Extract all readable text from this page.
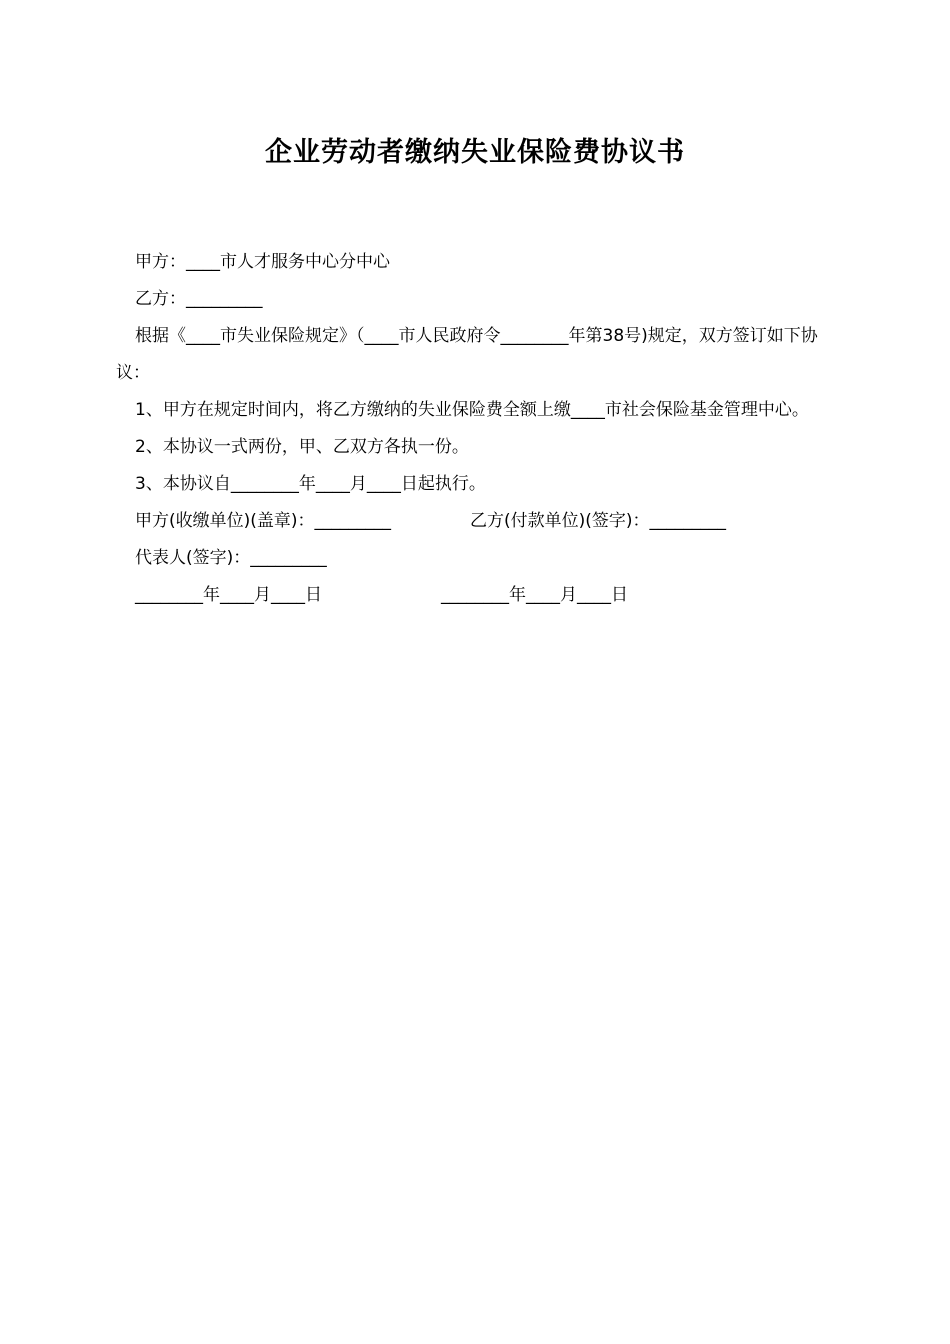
企业劳动者缴纳失业保险费协议书

甲方：____市人才服务中心分中心

乙方：_________

根据《____市失业保险规定》（____市人民政府令________年第38号)规定，双方签订如下协议：

1、甲方在规定时间内，将乙方缴纳的失业保险费全额上缴____市社会保险基金管理中心。

2、本协议一式两份，甲、乙双方各执一份。

3、本协议自________年____月____日起执行。

甲方(收缴单位)(盖章)：_________	乙方(付款单位)(签字)：_________

代表人(签字)：_________

________年____月____日	________年____月____日
